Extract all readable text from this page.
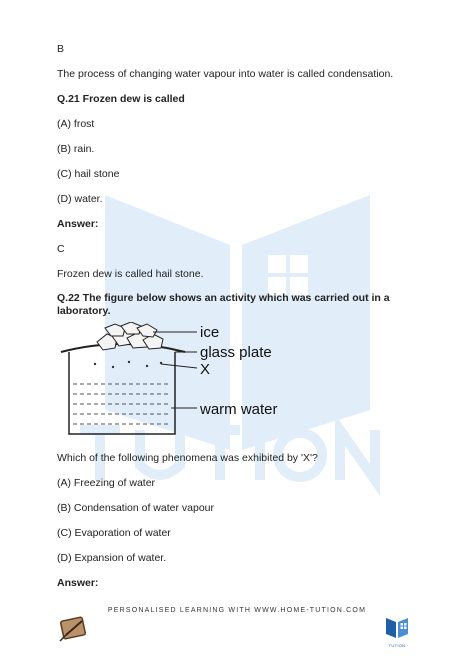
B
The process of changing water vapour into water is called condensation.
Q.21 Frozen dew is called
(A) frost
(B) rain.
(C) hail stone
(D) water.
Answer:
C
Frozen dew is called hail stone.
Q.22 The figure below shows an activity which was carried out in a
laboratory.
ice
glass plate
X
warm water
Which of the following phenomena was exhibited by 'X'?
(A) Freezing of water
(B) Condensation of water vapour
(C) Evaporation of water
(D) Expansion of water.
Answer:
PERSONALISED LEARNING WITH WWW.HOME-TUTION.COM
TUTION
